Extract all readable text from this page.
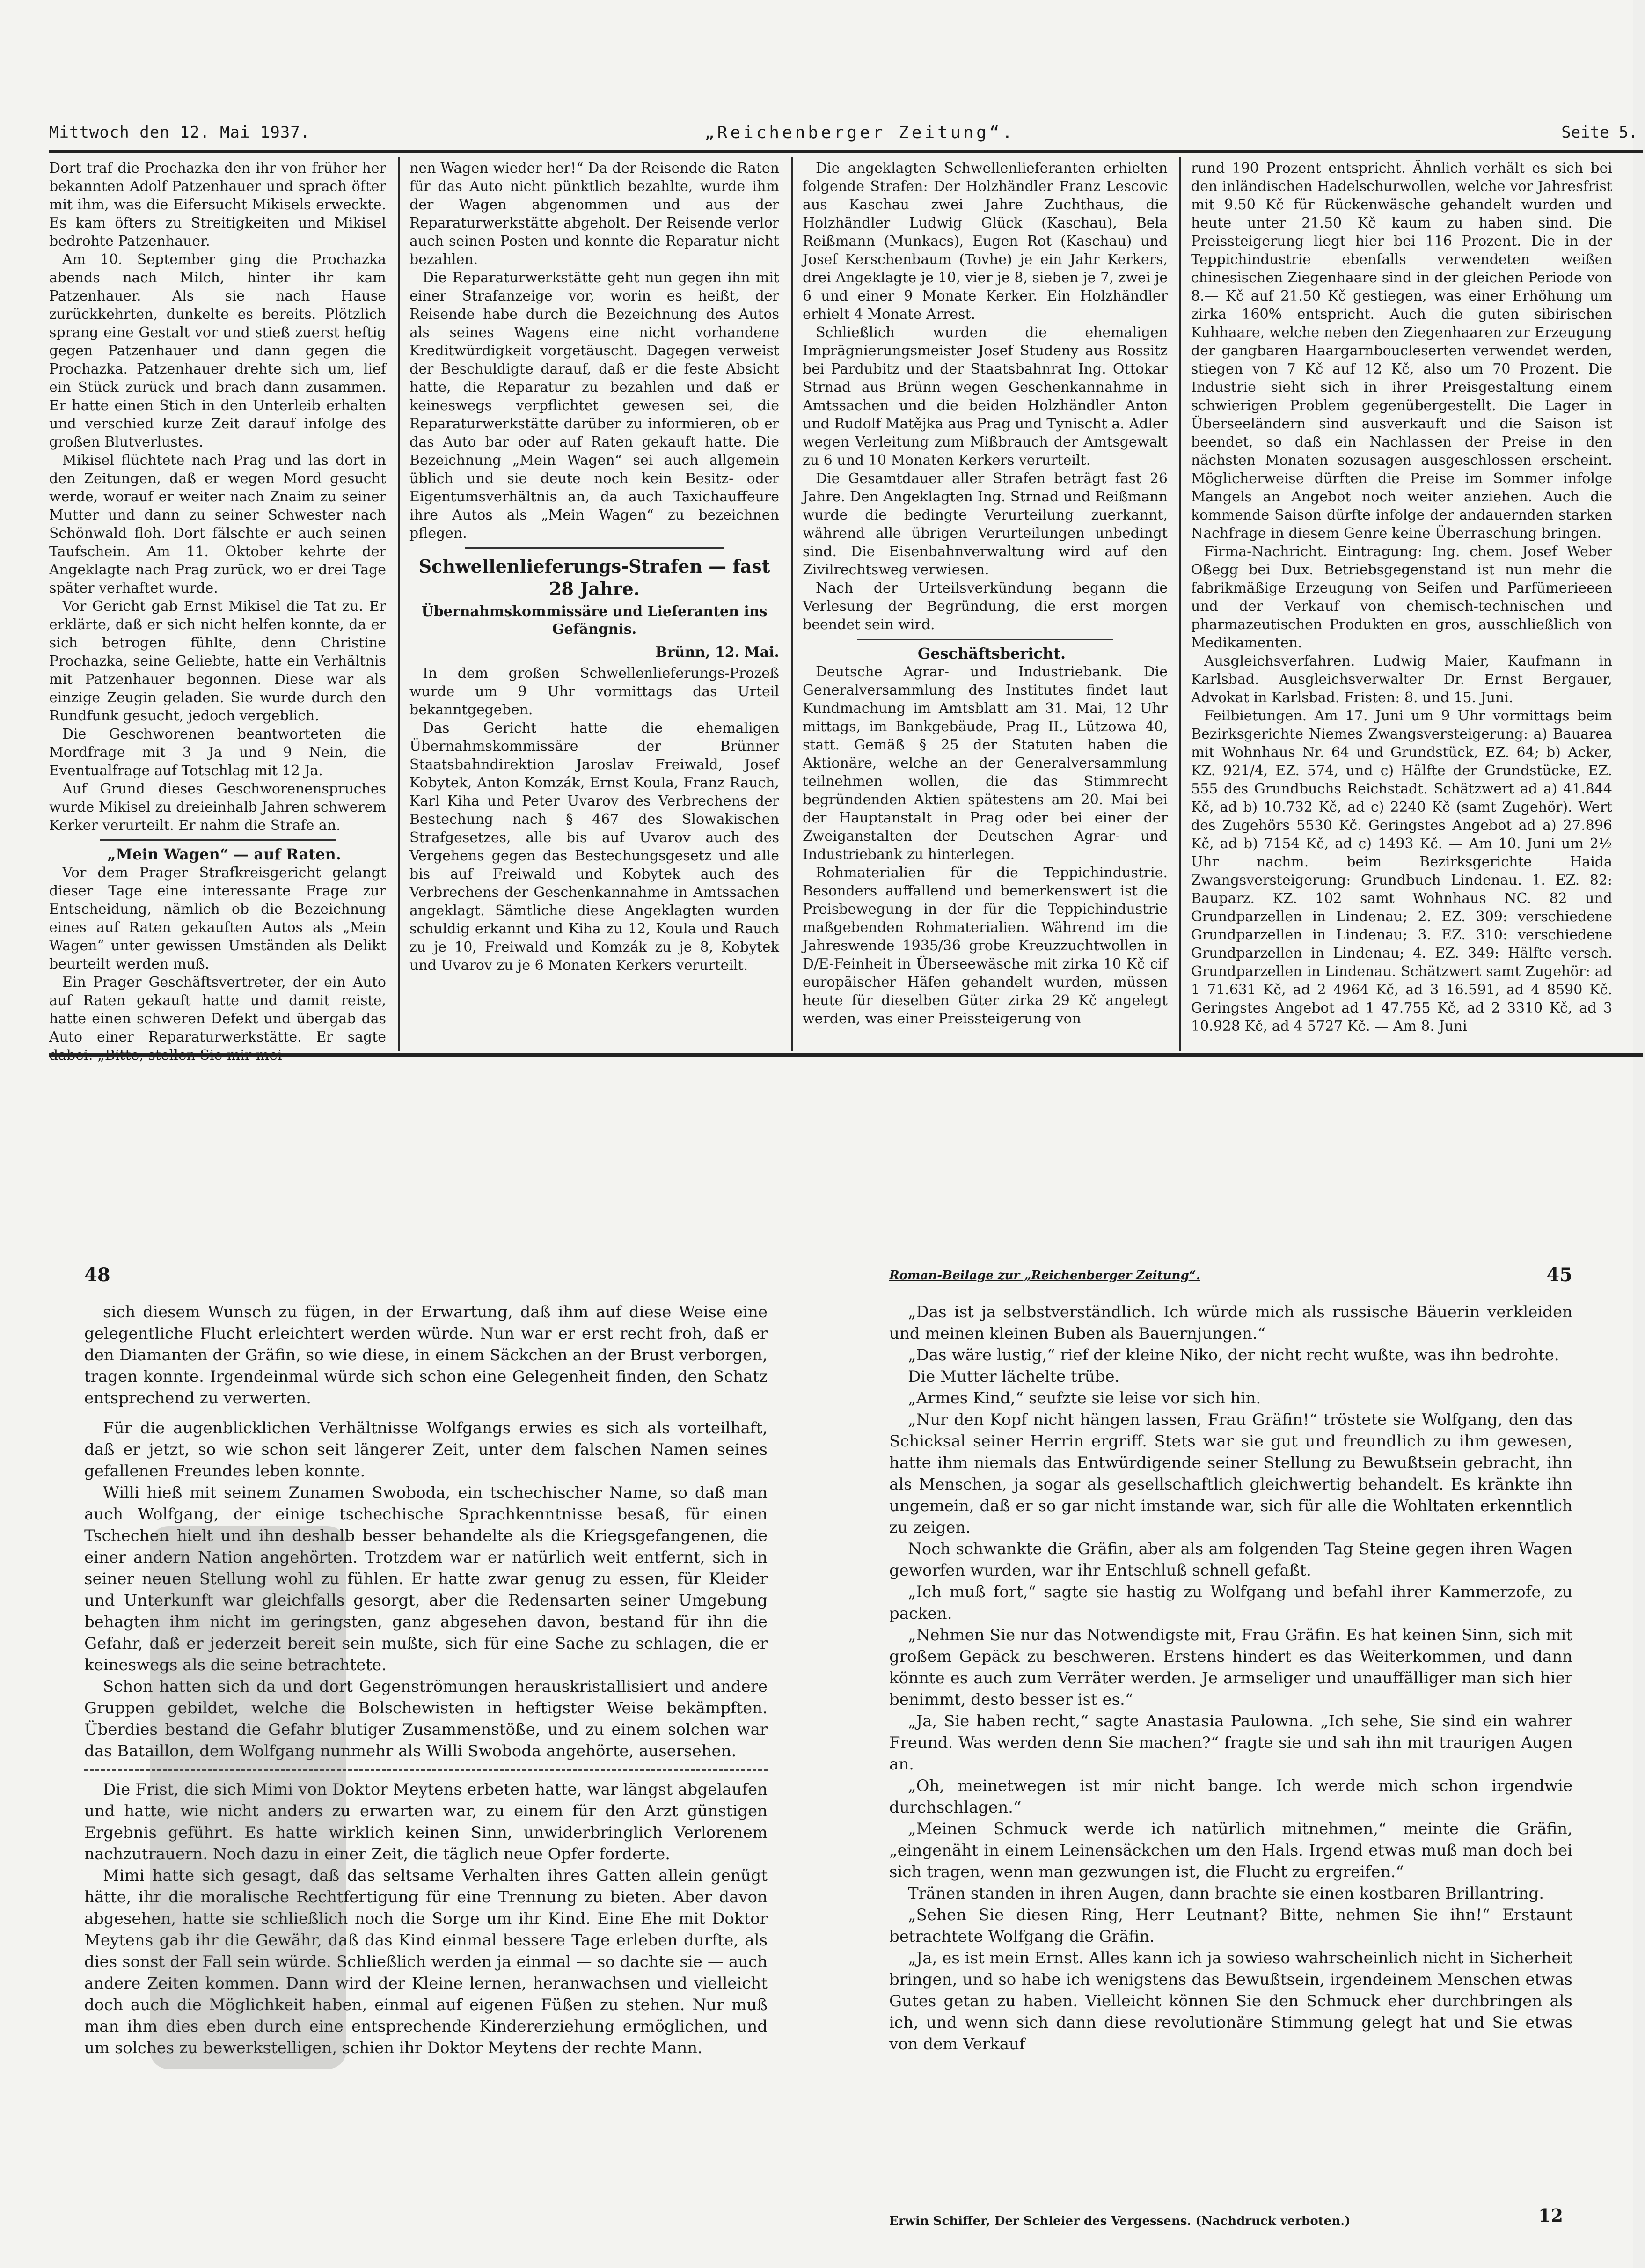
Mittwoch den 12. Mai 1937.	„Reichenberger Zeitung“.	Seite 5.

Dort traf die Prochazka den ihr von früher her bekannten Adolf Patzenhauer und sprach öfter mit ihm, was die Eifersucht Mikisels erweckte. Es kam öfters zu Streitigkeiten und Mikisel bedrohte Patzenhauer.

Am 10. September ging die Prochazka abends nach Milch, hinter ihr kam Patzenhauer. Als sie nach Hause zurückkehrten, dunkelte es bereits. Plötzlich sprang eine Gestalt vor und stieß zuerst heftig gegen Patzenhauer und dann gegen die Prochazka. Patzenhauer drehte sich um, lief ein Stück zurück und brach dann zusammen. Er hatte einen Stich in den Unterleib erhalten und verschied kurze Zeit darauf infolge des großen Blutverlustes.

Mikisel flüchtete nach Prag und las dort in den Zeitungen, daß er wegen Mord gesucht werde, worauf er weiter nach Znaim zu seiner Mutter und dann zu seiner Schwester nach Schönwald floh. Dort fälschte er auch seinen Taufschein. Am 11. Oktober kehrte der Angeklagte nach Prag zurück, wo er drei Tage später verhaftet wurde.

Vor Gericht gab Ernst Mikisel die Tat zu. Er erklärte, daß er sich nicht helfen konnte, da er sich betrogen fühlte, denn Christine Prochazka, seine Geliebte, hatte ein Verhältnis mit Patzenhauer begonnen. Diese war als einzige Zeugin geladen. Sie wurde durch den Rundfunk gesucht, jedoch vergeblich.

Die Geschworenen beantworteten die Mordfrage mit 3 Ja und 9 Nein, die Eventualfrage auf Totschlag mit 12 Ja.

Auf Grund dieses Geschworenenspruches wurde Mikisel zu dreieinhalb Jahren schwerem Kerker verurteilt. Er nahm die Strafe an.

„Mein Wagen“ — auf Raten.

Vor dem Prager Strafkreisgericht gelangt dieser Tage eine interessante Frage zur Entscheidung, nämlich ob die Bezeichnung eines auf Raten gekauften Autos als „Mein Wagen“ unter gewissen Umständen als Delikt beurteilt werden muß.

Ein Prager Geschäftsvertreter, der ein Auto auf Raten gekauft hatte und damit reiste, hatte einen schweren Defekt und übergab das Auto einer Reparaturwerkstätte. Er sagte

nen Wagen wieder her!“ Da der Reisende die Raten für das Auto nicht pünktlich bezahlte, wurde ihm der Wagen abgenommen und aus der Reparaturwerkstätte abgeholt. Der Reisende verlor auch seinen Posten und konnte die Reparatur nicht bezahlen.

Die Reparaturwerkstätte geht nun gegen ihn mit einer Strafanzeige vor, worin es heißt, der Reisende habe durch die Bezeichnung des Autos als seines Wagens eine nicht vorhandene Kreditwürdigkeit vorgetäuscht. Dagegen verweist der Beschuldigte darauf, daß er die feste Absicht hatte, die Reparatur zu bezahlen und daß er keineswegs verpflichtet gewesen sei, die Reparaturwerkstätte darüber zu informieren, ob er das Auto bar oder auf Raten gekauft hatte. Die Bezeichnung „Mein Wagen“ sei auch allgemein üblich und sie deute noch kein Besitz- oder Eigentumsverhältnis an, da auch Taxichauffeure ihre Autos als „Mein Wagen“ zu bezeichnen pflegen.

Schwellenlieferungs-Strafen — fast 28 Jahre.
Übernahmskommissäre und Lieferanten ins Gefängnis.
Brünn, 12. Mai.

In dem großen Schwellenlieferungs-Prozeß wurde um 9 Uhr vormittags das Urteil bekanntgegeben.

Das Gericht hatte die ehemaligen Übernahmskommissäre der Brünner Staatsbahndirektion Jaroslav Freiwald, Josef Kobytek, Anton Komzák, Ernst Koula, Franz Rauch, Karl Kiha und Peter Uvarov des Verbrechens der Bestechung nach § 467 des Slowakischen Strafgesetzes, alle bis auf Uvarov auch des Vergehens gegen das Bestechungsgesetz und alle bis auf Freiwald und Kobytek auch des Verbrechens der Geschenkannahme in Amtssachen angeklagt. Sämtliche diese Angeklagten wurden schuldig erkannt und Kiha zu 12, Koula und Rauch zu je 10, Freiwald und Komzák zu je 8, Kobytek und Uvarov zu je 6 Monaten Kerkers verurteilt.

Die angeklagten Schwellenlieferanten erhielten folgende Strafen: Der Holzhändler Franz Lescovic aus Kaschau zwei Jahre Zuchthaus, die Holzhändler Ludwig Glück (Kaschau), Bela Reißmann (Munkacs), Eugen Rot (Kaschau) und Josef Kerschenbaum (Tovhe) je ein Jahr Kerkers, drei Angeklagte je 10, vier je 8, sieben je 7, zwei je 6 und einer 9 Monate Kerker. Ein Holzhändler erhielt 4 Monate Arrest.

Schließlich wurden die ehemaligen Imprägnierungsmeister Josef Studeny aus Rossitz bei Pardubitz und der Staatsbahnrat Ing. Ottokar Strnad aus Brünn wegen Geschenkannahme in Amtssachen und die beiden Holzhändler Anton und Rudolf Matějka aus Prag und Tynischt a. Adler wegen Verleitung zum Mißbrauch der Amtsgewalt zu 6 und 10 Monaten Kerkers verurteilt.

Die Gesamtdauer aller Strafen beträgt fast 26 Jahre. Den Angeklagten Ing. Strnad und Reißmann wurde die bedingte Verurteilung zuerkannt, während alle übrigen Verurteilungen unbedingt sind. Die Eisenbahnverwaltung wird auf den Zivilrechtsweg verwiesen.

Nach der Urteilsverkündung begann die Verlesung der Begründung, die erst morgen beendet sein wird.

Geschäftsbericht.

Deutsche Agrar- und Industriebank. Die Generalversammlung des Institutes findet laut Kundmachung im Amtsblatt am 31. Mai, 12 Uhr mittags, im Bankgebäude, Prag II., Lützowa 40, statt. Gemäß § 25 der Statuten haben die Aktionäre, welche an der Generalversammlung teilnehmen wollen, die das Stimmrecht begründenden Aktien spätestens am 20. Mai bei der Hauptanstalt in Prag oder bei einer der Zweiganstalten der Deutschen Agrar- und Industriebank zu hinterlegen.

Rohmaterialien für die Teppichindustrie. Besonders auffallend und bemerkenswert ist die Preisbewegung in der für die Teppichindustrie maßgebenden Rohmaterialien. Während im die Jahreswende 1935/36 grobe Kreuzzuchtwollen in D/E-Feinheit in Überseewäsche mit zirka 10 Kč cif europäischer Häfen gehandelt wurden, müssen heute für dieselben Güter zirka 29 Kč angelegt werden, was einer Preissteigerung von

rund 190 Prozent entspricht. Ähnlich verhält es sich bei den inländischen Hadelschurwollen, welche vor Jahresfrist mit 9.50 Kč für Rückenwäsche gehandelt wurden und heute unter 21.50 Kč kaum zu haben sind. Die Preissteigerung liegt hier bei 116 Prozent. Die in der Teppichindustrie ebenfalls verwendeten weißen chinesischen Ziegenhaare sind in der gleichen Periode von 8.— Kč auf 21.50 Kč gestiegen, was einer Erhöhung um zirka 160% entspricht. Auch die guten sibirischen Kuhhaare, welche neben den Ziegenhaaren zur Erzeugung der gangbaren Haargarnboucleserten verwendet werden, stiegen von 7 Kč auf 12 Kč, also um 70 Prozent. Die Industrie sieht sich in ihrer Preisgestaltung einem schwierigen Problem gegenübergestellt. Die Lager in Überseeländern sind ausverkauft und die Saison ist beendet, so daß ein Nachlassen der Preise in den nächsten Monaten sozusagen ausgeschlossen erscheint. Möglicherweise dürften die Preise im Sommer infolge Mangels an Angebot noch weiter anziehen. Auch die kommende Saison dürfte infolge der andauernden starken Nachfrage in diesem Genre keine Überraschung bringen.

Firma-Nachricht. Eintragung: Ing. chem. Josef Weber Oßegg bei Dux. Betriebsgegenstand ist nun mehr die fabrikmäßige Erzeugung von Seifen und Parfümerieeen und der Verkauf von chemisch-technischen und pharmazeutischen Produkten en gros, ausschließlich von Medikamenten.

Ausgleichsverfahren. Ludwig Maier, Kaufmann in Karlsbad. Ausgleichsverwalter Dr. Ernst Bergauer, Advokat in Karlsbad. Fristen: 8. und 15. Juni.

Feilbietungen. Am 17. Juni um 9 Uhr vormittags beim Bezirksgerichte Niemes Zwangsversteigerung: a) Bauarea mit Wohnhaus Nr. 64 und Grundstück, EZ. 64; b) Acker, KZ. 921/4, EZ. 574, und c) Hälfte der Grundstücke, EZ. 555 des Grundbuchs Reichstadt. Schätzwert ad a) 41.844 Kč, ad b) 10.732 Kč, ad c) 2240 Kč (samt Zugehör). Wert des Zugehörs 5530 Kč. Geringstes Angebot ad a) 27.896 Kč, ad b) 7154 Kč, ad c) 1493 Kč. — Am 10. Juni um 2½ Uhr nachm. beim Bezirksgerichte Haida Zwangsversteigerung: Grundbuch Lindenau. 1. EZ. 82: Bauparz. KZ. 102 samt Wohnhaus NC. 82 und Grundparzellen in Lindenau; 2. EZ. 309: verschiedene Grundparzellen in Lindenau; 3. EZ. 310: verschiedene Grundparzellen in Lindenau; 4. EZ. 349: Hälfte versch. Grundparzellen in Lindenau. Schätzwert samt Zugehör: ad 1 71.631 Kč, ad 2 4964 Kč, ad 3 16.591, ad 4 8590 Kč. Geringstes Angebot ad 1 47.755 Kč, ad 2 3310 Kč, ad 3 10.928 Kč, ad 4 5727 Kč. — Am 8. Juni

48	Roman-Beilage zur „Reichenberger Zeitung“.	45

sich diesem Wunsch zu fügen, in der Erwartung, daß ihm auf diese Weise eine gelegentliche Flucht erleichtert werden würde. Nun war er erst recht froh, daß er den Diamanten der Gräfin, so wie diese, in einem Säckchen an der Brust verborgen, tragen konnte. Irgendeinmal würde sich schon eine Gelegenheit finden, den Schatz entsprechend zu verwerten.

Für die augenblicklichen Verhältnisse Wolfgangs erwies es sich als vorteilhaft, daß er jetzt, so wie schon seit längerer Zeit, unter dem falschen Namen seines gefallenen Freundes leben konnte.

Willi hieß mit seinem Zunamen Swoboda, ein tschechischer Name, so daß man auch Wolfgang, der einige tschechische Sprachkenntnisse besaß, für einen Tschechen hielt und ihn deshalb besser behandelte als die Kriegsgefangenen, die einer andern Nation angehörten. Trotzdem war er natürlich weit entfernt, sich in seiner neuen Stellung wohl zu fühlen. Er hatte zwar genug zu essen, für Kleider und Unterkunft war gleichfalls gesorgt, aber die Redensarten seiner Umgebung behagten ihm nicht im geringsten, ganz abgesehen davon, bestand für ihn die Gefahr, daß er jederzeit bereit sein mußte, sich für eine Sache zu schlagen, die er keineswegs als die seine betrachtete.

Schon hatten sich da und dort Gegenströmungen herauskristallisiert und andere Gruppen gebildet, welche die Bolschewisten in heftigster Weise bekämpften. Überdies bestand die Gefahr blutiger Zusammenstöße, und zu einem solchen war das Bataillon, dem Wolfgang nunmehr als Willi Swoboda angehörte, ausersehen.

Die Frist, die sich Mimi von Doktor Meytens erbeten hatte, war längst abgelaufen und hatte, wie nicht anders zu erwarten war, zu einem für den Arzt günstigen Ergebnis geführt. Es hatte wirklich keinen Sinn, unwiderbringlich Verlorenem nachzutrauern. Noch dazu in einer Zeit, die täglich neue Opfer forderte.

Mimi hatte sich gesagt, daß das seltsame Verhalten ihres Gatten allein genügt hätte, ihr die moralische Rechtfertigung für eine Trennung zu bieten. Aber davon abgesehen, hatte sie schließlich noch die Sorge um ihr Kind. Eine Ehe mit Doktor Meytens gab ihr die Gewähr, daß das Kind einmal bessere Tage erleben durfte, als dies sonst der Fall sein würde. Schließlich werden ja einmal — so dachte sie — auch andere Zeiten kommen. Dann wird der Kleine lernen, heranwachsen und vielleicht doch auch die Möglichkeit haben, einmal auf eigenen Füßen zu stehen. Nur muß man ihm dies eben durch eine entsprechende Kindererziehung ermöglichen, und um solches zu bewerkstelligen, schien ihr Doktor Meytens der rechte Mann.

„Das ist ja selbstverständlich. Ich würde mich als russische Bäuerin verkleiden und meinen kleinen Buben als Bauernjungen.“

„Das wäre lustig,“ rief der kleine Niko, der nicht recht wußte, was ihn bedrohte.

Die Mutter lächelte trübe.

„Armes Kind,“ seufzte sie leise vor sich hin.

„Nur den Kopf nicht hängen lassen, Frau Gräfin!“ tröstete sie Wolfgang, den das Schicksal seiner Herrin ergriff. Stets war sie gut und freundlich zu ihm gewesen, hatte ihm niemals das Entwürdigende seiner Stellung zu Bewußtsein gebracht, ihn als Menschen, ja sogar als gesellschaftlich gleichwertig behandelt. Es kränkte ihn ungemein, daß er so gar nicht imstande war, sich für alle die Wohltaten erkenntlich zu zeigen.

Noch schwankte die Gräfin, aber als am folgenden Tag Steine gegen ihren Wagen geworfen wurden, war ihr Entschluß schnell gefaßt.

„Ich muß fort,“ sagte sie hastig zu Wolfgang und befahl ihrer Kammerzofe, zu packen.

„Nehmen Sie nur das Notwendigste mit, Frau Gräfin. Es hat keinen Sinn, sich mit großem Gepäck zu beschweren. Erstens hindert es das Weiterkommen, und dann könnte es auch zum Verräter werden. Je armseliger und unauffälliger man sich hier benimmt, desto besser ist es.“

„Ja, Sie haben recht,“ sagte Anastasia Paulowna. „Ich sehe, Sie sind ein wahrer Freund. Was werden denn Sie machen?“ fragte sie und sah ihn mit traurigen Augen an.

„Oh, meinetwegen ist mir nicht bange. Ich werde mich schon irgendwie durchschlagen.“

„Meinen Schmuck werde ich natürlich mitnehmen,“ meinte die Gräfin, „eingenäht in einem Leinensäckchen um den Hals. Irgend etwas muß man doch bei sich tragen, wenn man gezwungen ist, die Flucht zu ergreifen.“

Tränen standen in ihren Augen, dann brachte sie einen kostbaren Brillantring.

„Sehen Sie diesen Ring, Herr Leutnant? Bitte, nehmen Sie ihn!“ Erstaunt betrachtete Wolfgang die Gräfin.

„Ja, es ist mein Ernst. Alles kann ich ja sowieso wahrscheinlich nicht in Sicherheit bringen, und so habe ich wenigstens das Bewußtsein, irgendeinem Menschen etwas Gutes getan zu haben. Vielleicht können Sie den Schmuck eher durchbringen als ich, und wenn sich dann diese revolutionäre Stimmung gelegt hat und Sie etwas von dem Verkauf

Erwin Schiffer, Der Schleier des Vergessens. (Nachdruck verboten.)	12
